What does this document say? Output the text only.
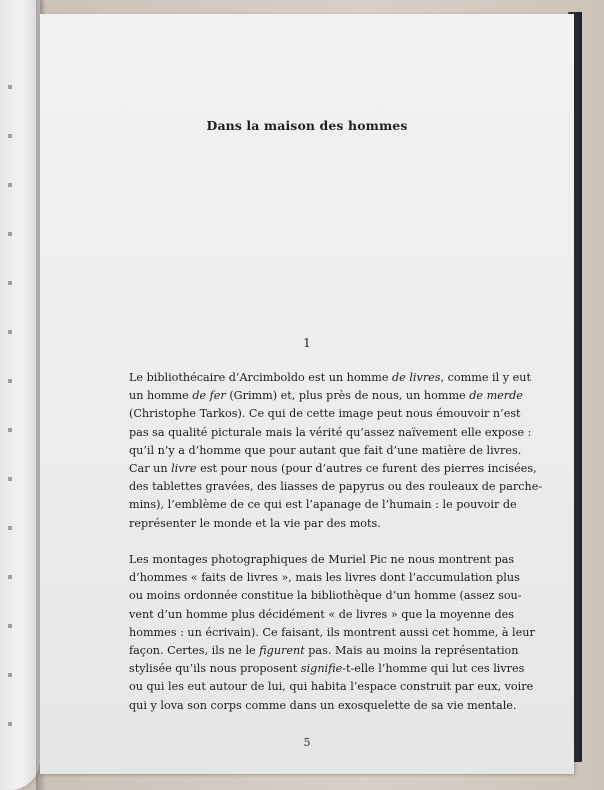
Dans la maison des hommes
1

Le bibliothécaire d’Arcimboldo est un homme de livres, comme il y eut
un homme de fer (Grimm) et, plus près de nous, un homme de merde
(Christophe Tarkos). Ce qui de cette image peut nous émouvoir n’est
pas sa qualité picturale mais la vérité qu’assez naïvement elle expose :
qu’il n’y a d’homme que pour autant que fait d’une matière de livres.
Car un livre est pour nous (pour d’autres ce furent des pierres incisées,
des tablettes gravées, des liasses de papyrus ou des rouleaux de parche-
mins), l’emblème de ce qui est l’apanage de l’humain : le pouvoir de
représenter le monde et la vie par des mots.

Les montages photographiques de Muriel Pic ne nous montrent pas
d’hommes « faits de livres », mais les livres dont l’accumulation plus
ou moins ordonnée constitue la bibliothèque d’un homme (assez sou-
vent d’un homme plus décidément « de livres » que la moyenne des
hommes : un écrivain). Ce faisant, ils montrent aussi cet homme, à leur
façon. Certes, ils ne le figurent pas. Mais au moins la représentation
stylisée qu’ils nous proposent signifie-t-elle l’homme qui lut ces livres
ou qui les eut autour de lui, qui habita l’espace construit par eux, voire
qui y lova son corps comme dans un exosquelette de sa vie mentale.

5
